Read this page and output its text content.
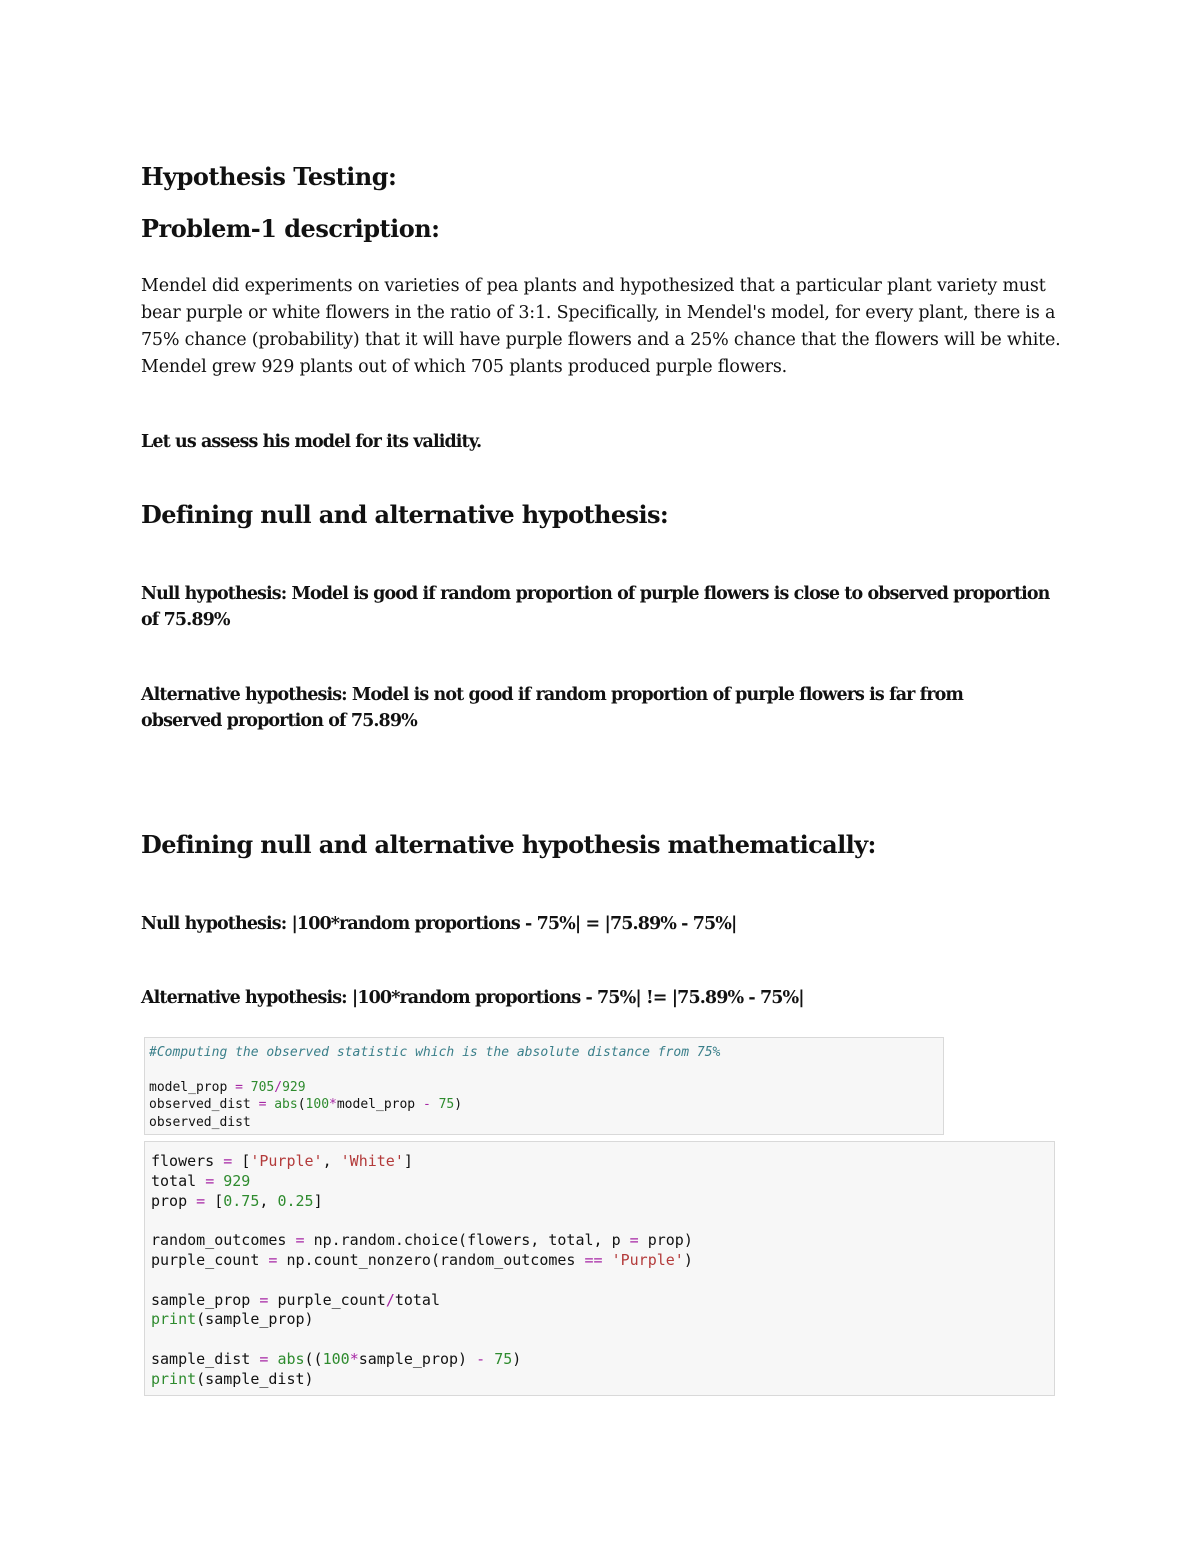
Hypothesis Testing:
Problem-1 description:
Mendel did experiments on varieties of pea plants and hypothesized that a particular plant variety must bear purple or white flowers in the ratio of 3:1. Specifically, in Mendel's model, for every plant, there is a 75% chance (probability) that it will have purple flowers and a 25% chance that the flowers will be white. Mendel grew 929 plants out of which 705 plants produced purple flowers.
Let us assess his model for its validity.
Defining null and alternative hypothesis:
Null hypothesis: Model is good if random proportion of purple flowers is close to observed proportion of 75.89%
Alternative hypothesis: Model is not good if random proportion of purple flowers is far from observed proportion of 75.89%
Defining null and alternative hypothesis mathematically:
Null hypothesis: |100*random proportions - 75%| = |75.89% - 75%|
Alternative hypothesis: |100*random proportions - 75%| != |75.89% - 75%|
#Computing the observed statistic which is the absolute distance from 75%
model_prop = 705/929
observed_dist = abs(100*model_prop - 75)
observed_dist
flowers = ['Purple', 'White']
total = 929
prop = [0.75, 0.25]
random_outcomes = np.random.choice(flowers, total, p = prop)
purple_count = np.count_nonzero(random_outcomes == 'Purple')
sample_prop = purple_count/total
print(sample_prop)
sample_dist = abs((100*sample_prop) - 75)
print(sample_dist)
